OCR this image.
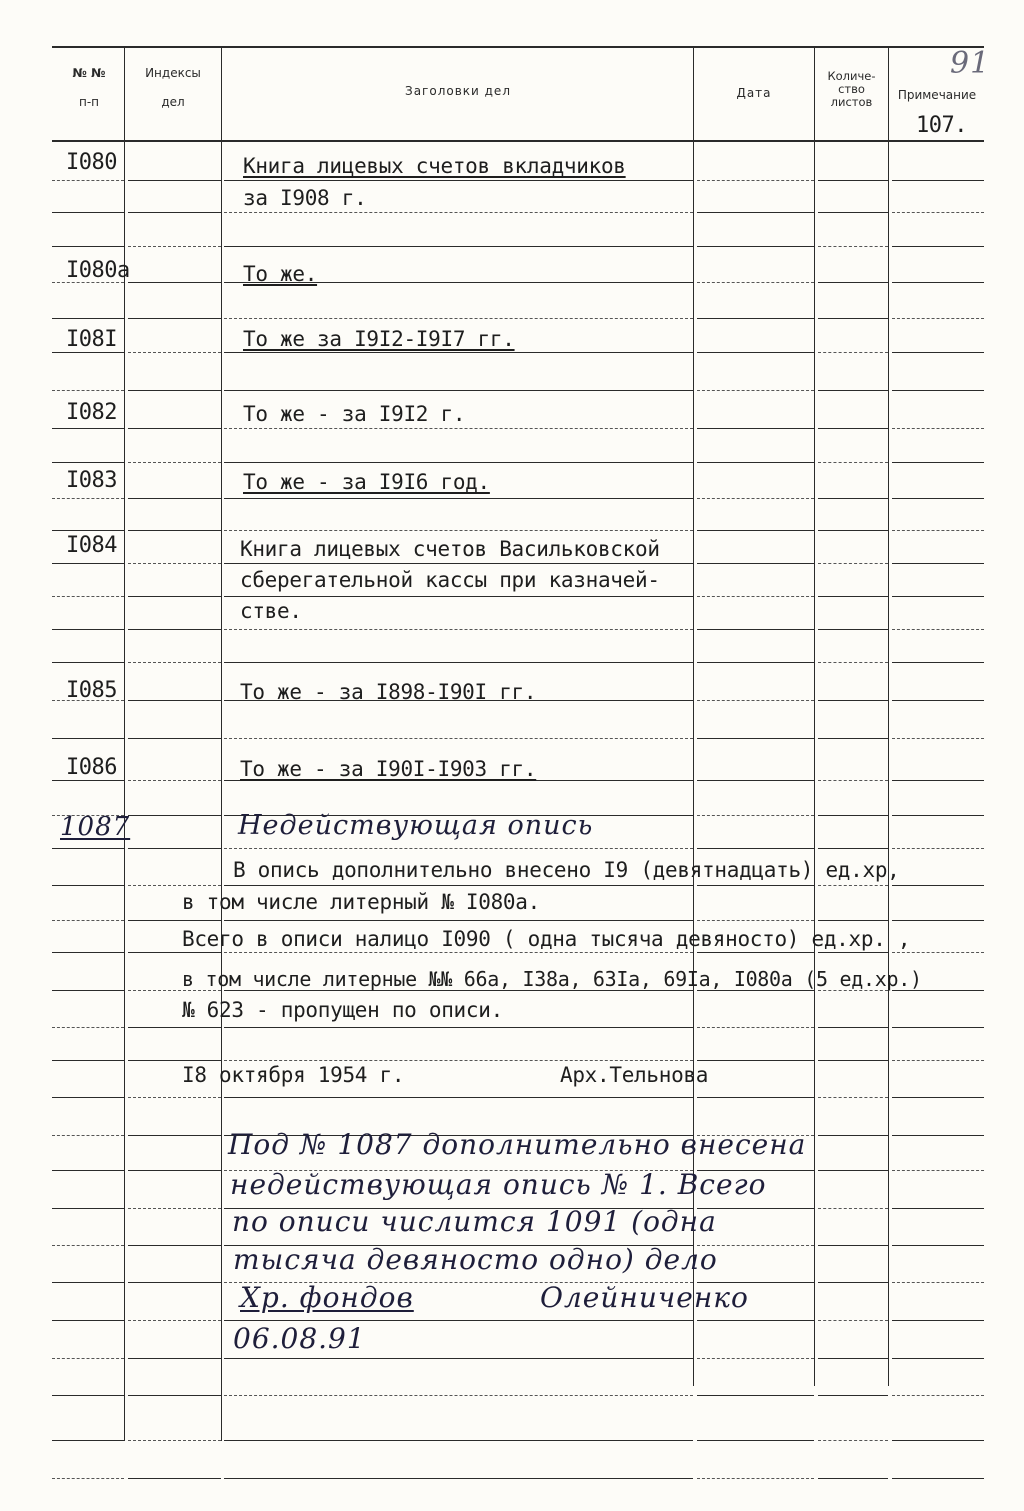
№ №
п-п
Индексы
дел
Заголовки дел	Дата
Количе-
ство
листов	Примечание
107.
91
I080	Книга лицевых счетов вкладчиков
за I908 г.
I080а	То же.
I08I	То же за I9I2-I9I7 гг.
I082	То же - за I9I2 г.
I083	То же - за I9I6 год.
I084	Книга лицевых счетов Васильковской
сберегательной кассы при казначей-
стве.
I085	То же - за I898-I90I гг.
I086	То же - за I90I-I903 гг.
1087	Недействующая опись
В опись дополнительно внесено I9 (девятнадцать) ед.хр,
в том числе литерный № I080а.
Всего в описи налицо I090 ( одна тысяча девяносто) ед.хр. ,
в том числе литерные №№ 66а, I38а, 63Iа, 69Iа, I080а (5 ед.хр.)
№ 623 - пропущен по описи.
I8 октября 1954 г.	Арх.Тельнова
Под № 1087 дополнительно внесена
недействующая опись № 1. Всего
по описи числится 1091 (одна
тысяча девяносто одно) дело
Хр. фондов	Олейниченко
06.08.91
